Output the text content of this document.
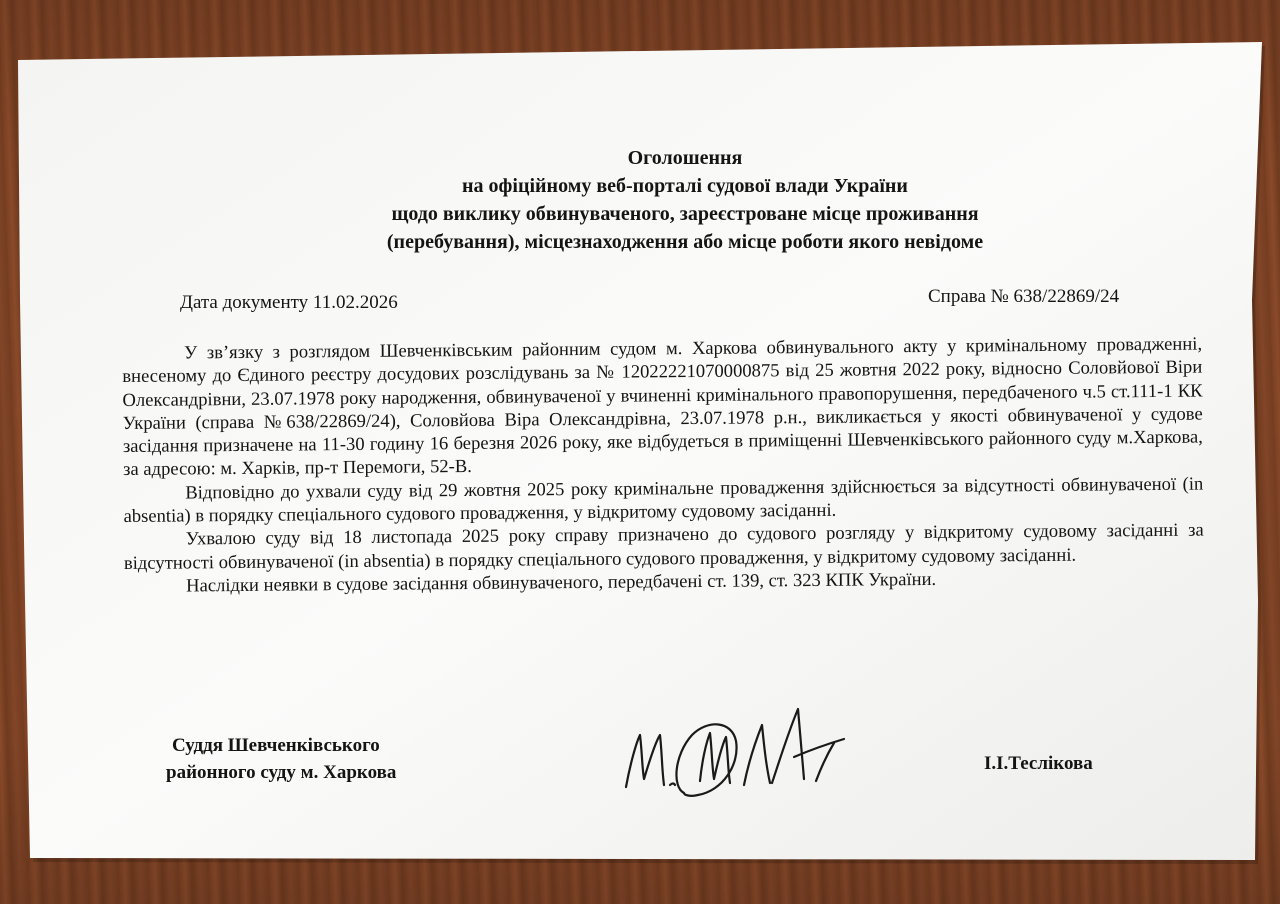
Оголошення
на офіційному веб-порталі судової влади України
щодо виклику обвинуваченого, зареєстроване місце проживання
(перебування), місцезнаходження або місце роботи якого невідоме
Дата документу 11.02.2026	Справа № 638/22869/24

У зв’язку з розглядом Шевченківським районним судом м. Харкова обвинувального акту у кримінальному провадженні, внесеному до Єдиного реєстру досудових розслідувань за № 12022221070000875 від 25 жовтня 2022 року, відносно Соловйової Віри Олександрівни, 23.07.1978 року народження, обвинуваченої у вчиненні кримінального правопорушення, передбаченого ч.5 ст.111-1 КК України (справа №638/22869/24), Соловйова Віра Олександрівна, 23.07.1978 р.н., викликається у якості обвинуваченої у судове засідання призначене на 11-30 годину 16 березня 2026 року, яке відбудеться в приміщенні Шевченківського районного суду м.Харкова, за адресою: м. Харків, пр-т Перемоги, 52-В.

Відповідно до ухвали суду від 29 жовтня 2025 року кримінальне провадження здійснюється за відсутності обвинуваченої (in absentia) в порядку спеціального судового провадження, у відкритому судовому засіданні.

Ухвалою суду від 18 листопада 2025 року справу призначено до судового розгляду у відкритому судовому засіданні за відсутності обвинуваченої (in absentia) в порядку спеціального судового провадження, у відкритому судовому засіданні.

Наслідки неявки в судове засідання обвинуваченого, передбачені ст. 139, ст. 323 КПК України.

Суддя Шевченківського
районного суду м. Харкова	І.І.Теслікова
